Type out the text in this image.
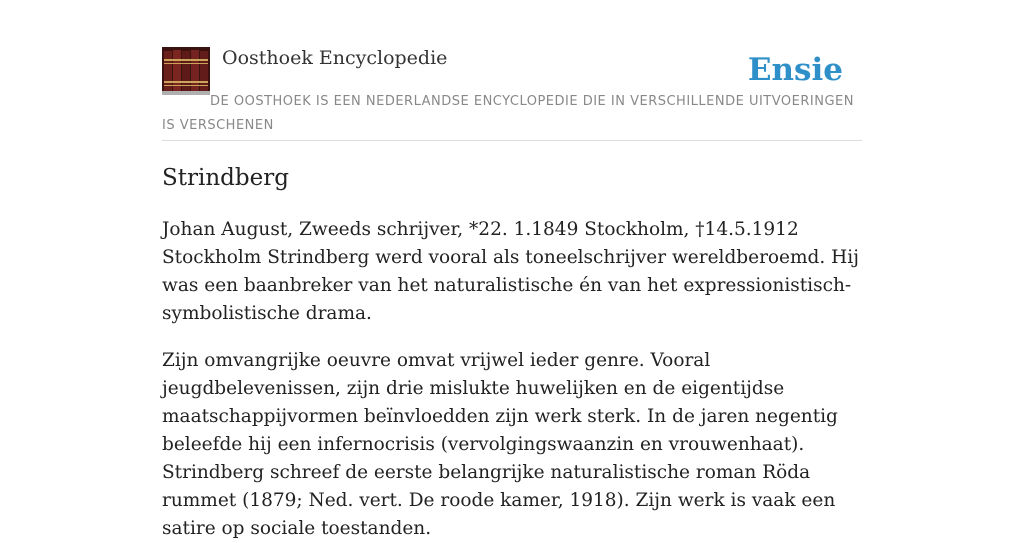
Oosthoek Encyclopedie	Ensie
DE OOSTHOEK IS EEN NEDERLANDSE ENCYCLOPEDIE DIE IN VERSCHILLENDE UITVOERINGEN IS VERSCHENEN
Strindberg

Johan August, Zweeds schrijver, *22. 1.1849 Stockholm, †14.5.1912 Stockholm Strindberg werd vooral als toneelschrijver wereldberoemd. Hij was een baanbreker van het naturalistische én van het expressionistisch-symbolistische drama.

Zijn omvangrijke oeuvre omvat vrijwel ieder genre. Vooral jeugdbelevenissen, zijn drie mislukte huwelijken en de eigentijdse maatschappijvormen beïnvloedden zijn werk sterk. In de jaren negentig beleefde hij een infernocrisis (vervolgingswaanzin en vrouwenhaat). Strindberg schreef de eerste belangrijke naturalistische roman Röda rummet (1879; Ned. vert. De roode kamer, 1918). Zijn werk is vaak een satire op sociale toestanden.
